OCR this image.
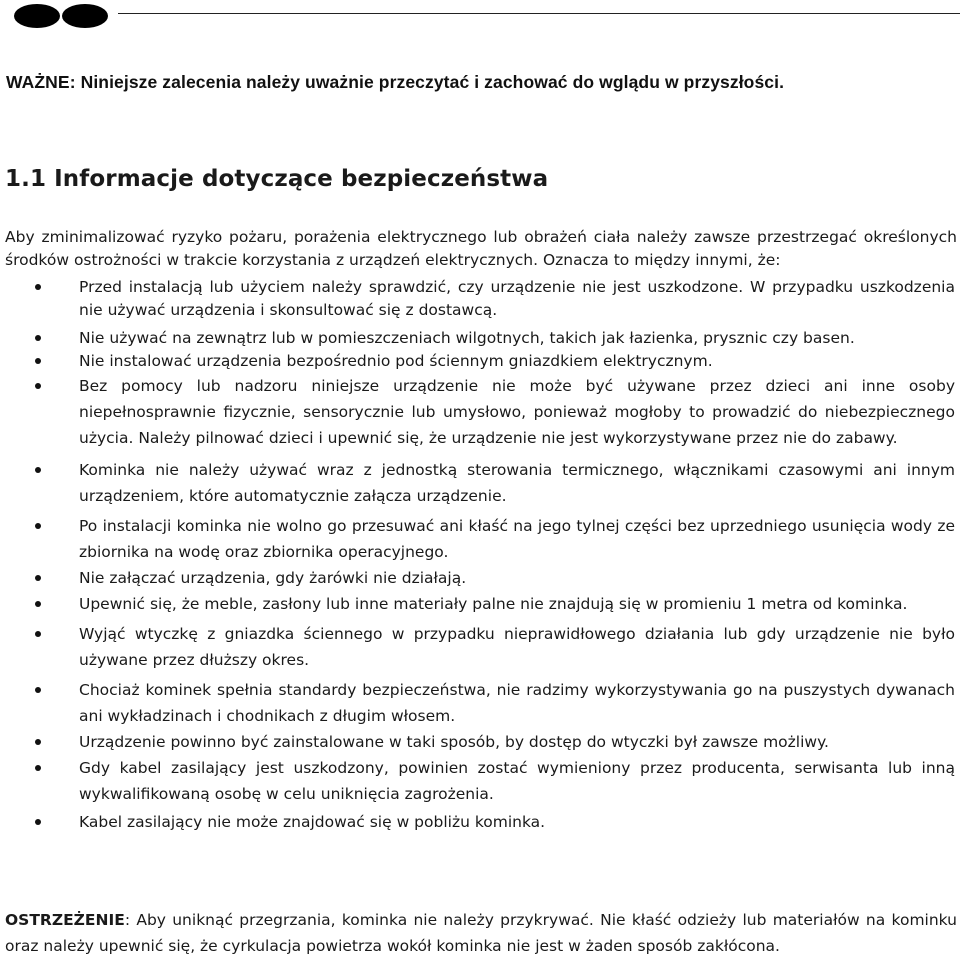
WAŻNE: Niniejsze zalecenia należy uważnie przeczytać i zachować do wglądu w przyszłości.
1.1 Informacje dotyczące bezpieczeństwa
Aby zminimalizować ryzyko pożaru, porażenia elektrycznego lub obrażeń ciała należy zawsze przestrzegać określonych środków ostrożności w trakcie korzystania z urządzeń elektrycznych. Oznacza to między innymi, że:
Przed instalacją lub użyciem należy sprawdzić, czy urządzenie nie jest uszkodzone. W przypadku uszkodzenia nie używać urządzenia i skonsultować się z dostawcą.
Nie używać na zewnątrz lub w pomieszczeniach wilgotnych, takich jak łazienka, prysznic czy basen.
Nie instalować urządzenia bezpośrednio pod ściennym gniazdkiem elektrycznym.
Bez pomocy lub nadzoru niniejsze urządzenie nie może być używane przez dzieci ani inne osoby niepełnosprawnie fizycznie, sensorycznie lub umysłowo, ponieważ mogłoby to prowadzić do niebezpiecznego użycia. Należy pilnować dzieci i upewnić się, że urządzenie nie jest wykorzystywane przez nie do zabawy.
Kominka nie należy używać wraz z jednostką sterowania termicznego, włącznikami czasowymi ani innym urządzeniem, które automatycznie załącza urządzenie.
Po instalacji kominka nie wolno go przesuwać ani kłaść na jego tylnej części bez uprzedniego usunięcia wody ze zbiornika na wodę oraz zbiornika operacyjnego.
Nie załączać urządzenia, gdy żarówki nie działają.
Upewnić się, że meble, zasłony lub inne materiały palne nie znajdują się w promieniu 1 metra od kominka.
Wyjąć wtyczkę z gniazdka ściennego w przypadku nieprawidłowego działania lub gdy urządzenie nie było używane przez dłuższy okres.
Chociaż kominek spełnia standardy bezpieczeństwa, nie radzimy wykorzystywania go na puszystych dywanach ani wykładzinach i chodnikach z długim włosem.
Urządzenie powinno być zainstalowane w taki sposób, by dostęp do wtyczki był zawsze możliwy.
Gdy kabel zasilający jest uszkodzony, powinien zostać wymieniony przez producenta, serwisanta lub inną wykwalifikowaną osobę w celu uniknięcia zagrożenia.
Kabel zasilający nie może znajdować się w pobliżu kominka.
OSTRZEŻENIE: Aby uniknąć przegrzania, kominka nie należy przykrywać. Nie kłaść odzieży lub materiałów na kominku oraz należy upewnić się, że cyrkulacja powietrza wokół kominka nie jest w żaden sposób zakłócona.
